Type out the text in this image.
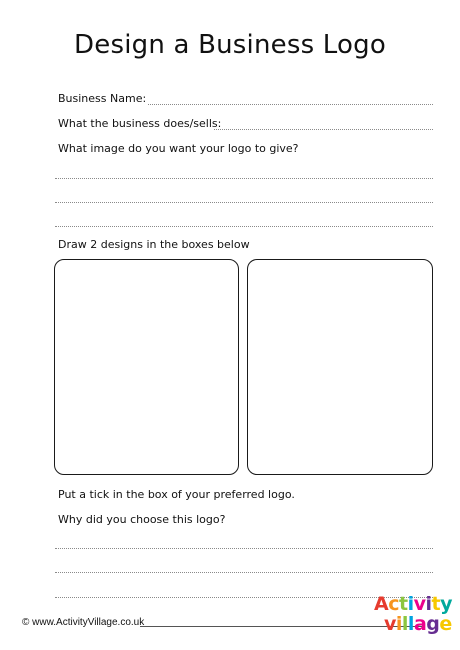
Design a Business Logo
Business Name:
What the business does/sells:
What image do you want your logo to give?
Draw 2 designs in the boxes below
Put a tick in the box of your preferred logo.
Why did you choose this logo?
© www.ActivityVillage.co.uk
Activity
village
